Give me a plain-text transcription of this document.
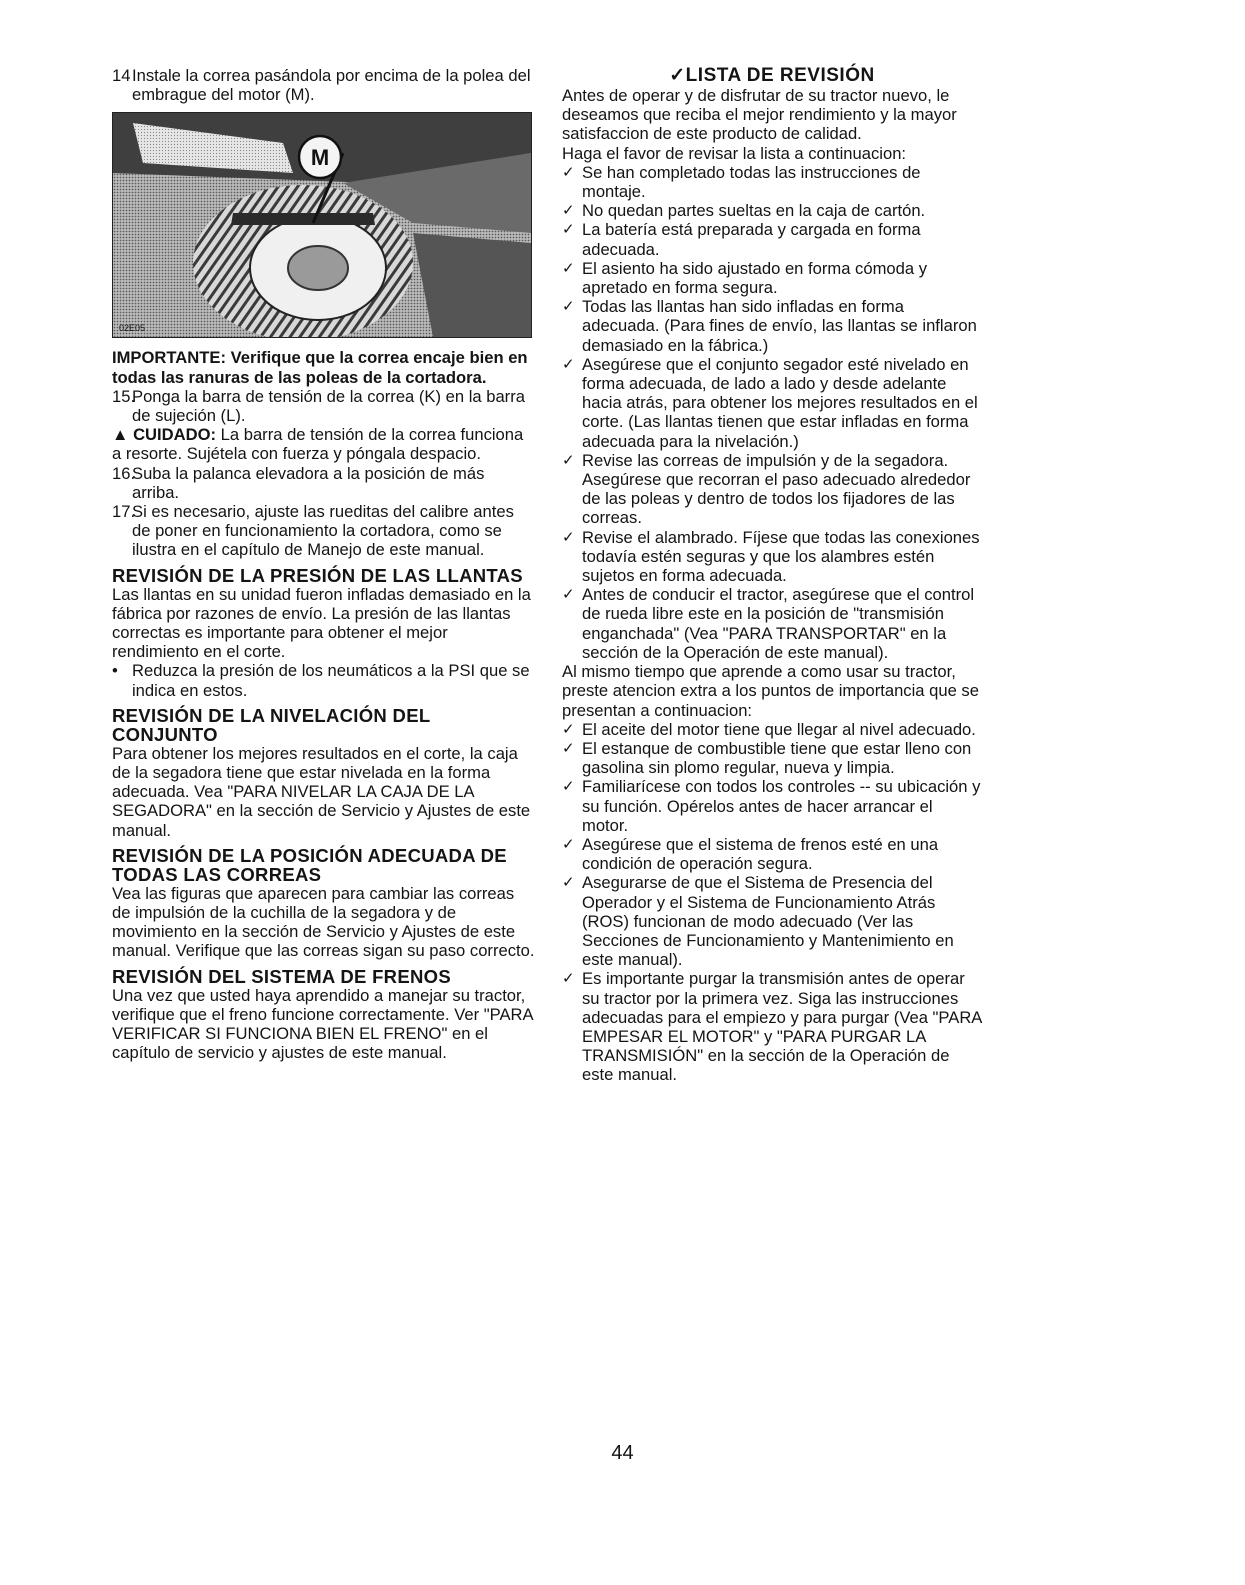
14 Instale la correa pasándola por encima de la polea del embrague del motor (M).
M
02E05

IMPORTANTE: Verifique que la correa encaje bien en todas las ranuras de las poleas de la cortadora.

15.
Ponga la barra de tensión de la correa (K) en la barra de sujeción (L).

▲ CUIDADO: La barra de tensión de la correa funciona a resorte. Sujétela con fuerza y póngala despacio.

16.
Suba la palanca elevadora a la posición de más arriba.
17.
Si es necesario, ajuste las rueditas del calibre antes de poner en funcionamiento la cortadora, como se ilustra en el capítulo de Manejo de este manual.
REVISIÓN DE LA PRESIÓN DE LAS LLANTAS

Las llantas en su unidad fueron infladas demasiado en la fábrica por razones de envío. La presión de las llantas correctas es importante para obtener el mejor rendimiento en el corte.

• Reduzca la presión de los neumáticos a la PSI que se indica en estos.
REVISIÓN DE LA NIVELACIÓN DEL CONJUNTO

Para obtener los mejores resultados en el corte, la caja de la segadora tiene que estar nivelada en la forma adecuada. Vea "PARA NIVELAR LA CAJA DE LA SEGADORA" en la sección de Servicio y Ajustes de este manual.

REVISIÓN DE LA POSICIÓN ADECUADA DE TODAS LAS CORREAS

Vea las figuras que aparecen para cambiar las correas de impulsión de la cuchilla de la segadora y de movimiento en la sección de Servicio y Ajustes de este manual. Verifique que las correas sigan su paso correcto.

REVISIÓN DEL SISTEMA DE FRENOS

Una vez que usted haya aprendido a manejar su tractor, verifique que el freno funcione correctamente. Ver "PARA VERIFICAR SI FUNCIONA BIEN EL FRENO" en el capítulo de servicio y ajustes de este manual.

✓LISTA DE REVISIÓN

Antes de operar y de disfrutar de su tractor nuevo, le deseamos que reciba el mejor rendimiento y la mayor satisfaccion de este producto de calidad.

Haga el favor de revisar la lista a continuacion:

✓ Se han completado todas las instrucciones de montaje.
✓ No quedan partes sueltas en la caja de cartón.
✓ La batería está preparada y cargada en forma adecuada.
✓ El asiento ha sido ajustado en forma cómoda y apretado en forma segura.
✓ Todas las llantas han sido infladas en forma adecuada. (Para fines de envío, las llantas se inflaron demasiado en la fábrica.)
✓ Asegúrese que el conjunto segador esté nivelado en forma adecuada, de lado a lado y desde adelante hacia atrás, para obtener los mejores resultados en el corte. (Las llantas tienen que estar infladas en forma adecuada para la nivelación.)
✓ Revise las correas de impulsión y de la segadora. Asegúrese que recorran el paso adecuado alrededor de las poleas y dentro de todos los fijadores de las correas.
✓ Revise el alambrado. Fíjese que todas las conexiones todavía estén seguras y que los alambres estén sujetos en forma adecuada.
✓ Antes de conducir el tractor, asegúrese que el control de rueda libre este en la posición de "transmisión enganchada" (Vea "PARA TRANSPORTAR" en la sección de la Operación de este manual).

Al mismo tiempo que aprende a como usar su tractor, preste atencion extra a los puntos de importancia que se presentan a continuacion:

✓ El aceite del motor tiene que llegar al nivel adecuado.
✓ El estanque de combustible tiene que estar lleno con gasolina sin plomo regular, nueva y limpia.
✓ Familiarícese con todos los controles -- su ubicación y su función. Opérelos antes de hacer arrancar el motor.
✓ Asegúrese que el sistema de frenos esté en una condición de operación segura.
✓ Asegurarse de que el Sistema de Presencia del Operador y el Sistema de Funcionamiento Atrás (ROS) funcionan de modo adecuado (Ver las Secciones de Funcionamiento y Mantenimiento en este manual).
✓ Es importante purgar la transmisión antes de operar su tractor por la primera vez. Siga las instrucciones adecuadas para el empiezo y para purgar (Vea "PARA EMPESAR EL MOTOR" y "PARA PURGAR LA TRANSMISIÓN" en la sección de la Operación de este manual.
44
